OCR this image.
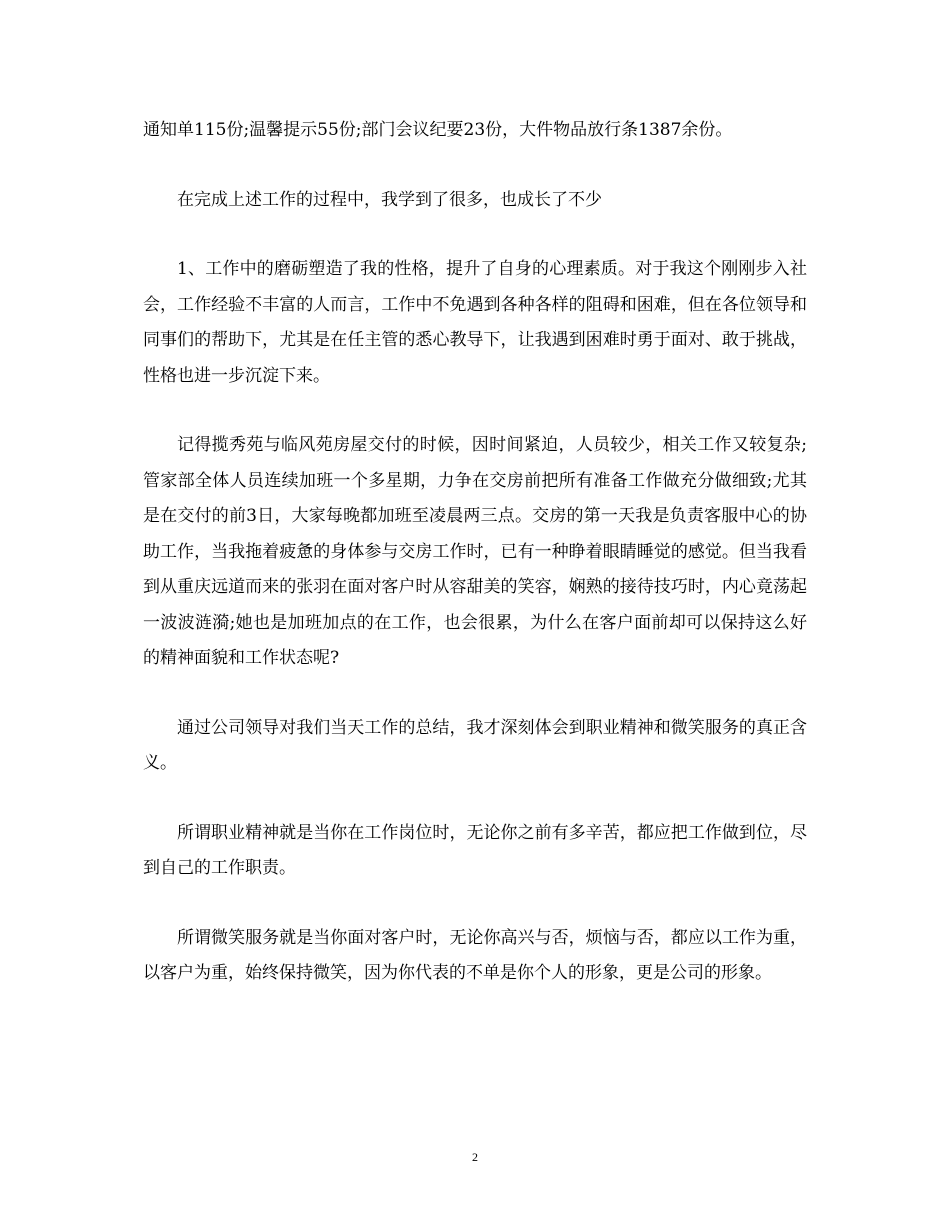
通知单115份;温馨提示55份;部门会议纪要23份，大件物品放行条1387余份。

在完成上述工作的过程中，我学到了很多，也成长了不少

1、工作中的磨砺塑造了我的性格，提升了自身的心理素质。对于我这个刚刚步入社会，工作经验不丰富的人而言，工作中不免遇到各种各样的阻碍和困难，但在各位领导和同事们的帮助下，尤其是在任主管的悉心教导下，让我遇到困难时勇于面对、敢于挑战，性格也进一步沉淀下来。

记得揽秀苑与临风苑房屋交付的时候，因时间紧迫，人员较少，相关工作又较复杂;管家部全体人员连续加班一个多星期，力争在交房前把所有准备工作做充分做细致;尤其是在交付的前3日，大家每晚都加班至凌晨两三点。交房的第一天我是负责客服中心的协助工作，当我拖着疲惫的身体参与交房工作时，已有一种睁着眼睛睡觉的感觉。但当我看到从重庆远道而来的张羽在面对客户时从容甜美的笑容，娴熟的接待技巧时，内心竟荡起一波波涟漪;她也是加班加点的在工作，也会很累，为什么在客户面前却可以保持这么好的精神面貌和工作状态呢?

通过公司领导对我们当天工作的总结，我才深刻体会到职业精神和微笑服务的真正含义。

所谓职业精神就是当你在工作岗位时，无论你之前有多辛苦，都应把工作做到位，尽到自己的工作职责。

所谓微笑服务就是当你面对客户时，无论你高兴与否，烦恼与否，都应以工作为重，以客户为重，始终保持微笑，因为你代表的不单是你个人的形象，更是公司的形象。

2
